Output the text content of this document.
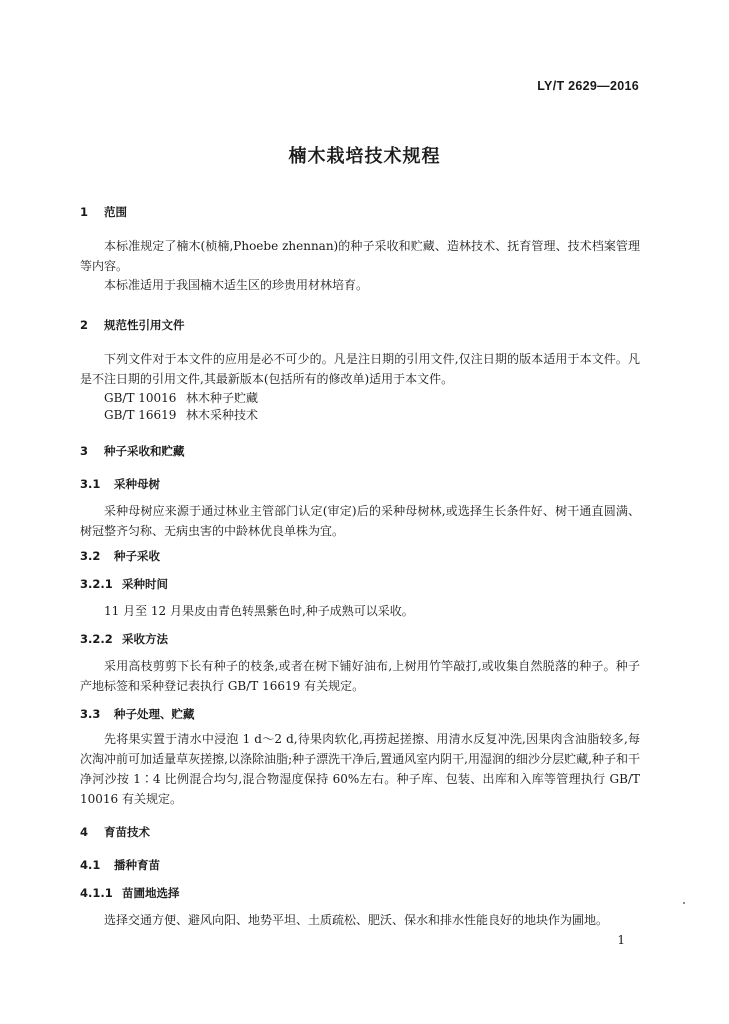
LY/T 2629—2016
楠木栽培技术规程
1 范围

本标准规定了楠木(桢楠,Phoebe zhennan)的种子采收和贮藏、造林技术、抚育管理、技术档案管理等内容。

本标准适用于我国楠木适生区的珍贵用材林培育。

2 规范性引用文件

下列文件对于本文件的应用是必不可少的。凡是注日期的引用文件,仅注日期的版本适用于本文件。凡是不注日期的引用文件,其最新版本(包括所有的修改单)适用于本文件。

GB/T 10016 林木种子贮藏
GB/T 16619 林木采种技术
3 种子采收和贮藏
3.1 采种母树

采种母树应来源于通过林业主管部门认定(审定)后的采种母树林,或选择生长条件好、树干通直圆满、树冠整齐匀称、无病虫害的中龄林优良单株为宜。

3.2 种子采收
3.2.1 采种时间

11 月至 12 月果皮由青色转黑紫色时,种子成熟可以采收。

3.2.2 采收方法

采用高枝剪剪下长有种子的枝条,或者在树下铺好油布,上树用竹竿敲打,或收集自然脱落的种子。种子产地标签和采种登记表执行 GB/T 16619 有关规定。

3.3 种子处理、贮藏

先将果实置于清水中浸泡 1 d～2 d,待果肉软化,再捞起搓擦、用清水反复冲洗,因果肉含油脂较多,每次淘冲前可加适量草灰搓擦,以涤除油脂;种子漂洗干净后,置通风室内阴干,用湿润的细沙分层贮藏,种子和干净河沙按 1∶4 比例混合均匀,混合物湿度保持 60%左右。种子库、包装、出库和入库等管理执行 GB/T 10016 有关规定。

4 育苗技术
4.1 播种育苗
4.1.1 苗圃地选择

选择交通方便、避风向阳、地势平坦、土质疏松、肥沃、保水和排水性能良好的地块作为圃地。

1
